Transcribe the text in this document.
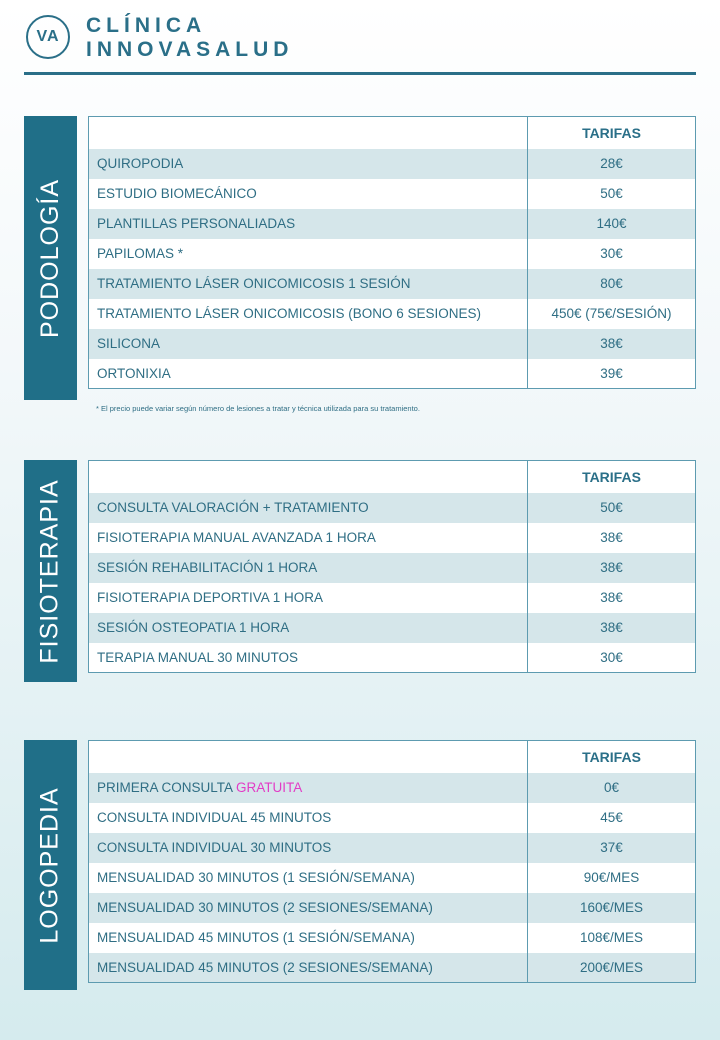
VA CLÍNICA
INNOVASALUD
PODOLOGÍA
	TARIFAS
QUIROPODIA	28€
ESTUDIO BIOMECÁNICO	50€
PLANTILLAS PERSONALIADAS	140€
PAPILOMAS *	30€
TRATAMIENTO LÁSER ONICOMICOSIS 1 SESIÓN	80€
TRATAMIENTO LÁSER ONICOMICOSIS (BONO 6 SESIONES)	450€ (75€/SESIÓN)
SILICONA	38€
ORTONIXIA	39€
* El precio puede variar según número de lesiones a tratar y técnica utilizada para su tratamiento.
FISIOTERAPIA
	TARIFAS
CONSULTA VALORACIÓN + TRATAMIENTO	50€
FISIOTERAPIA MANUAL AVANZADA 1 HORA	38€
SESIÓN REHABILITACIÓN 1 HORA	38€
FISIOTERAPIA DEPORTIVA 1 HORA	38€
SESIÓN OSTEOPATIA 1 HORA	38€
TERAPIA MANUAL 30 MINUTOS	30€
LOGOPEDIA
	TARIFAS
PRIMERA CONSULTA GRATUITA	0€
CONSULTA INDIVIDUAL 45 MINUTOS	45€
CONSULTA INDIVIDUAL 30 MINUTOS	37€
MENSUALIDAD 30 MINUTOS (1 SESIÓN/SEMANA)	90€/MES
MENSUALIDAD 30 MINUTOS (2 SESIONES/SEMANA)	160€/MES
MENSUALIDAD 45 MINUTOS (1 SESIÓN/SEMANA)	108€/MES
MENSUALIDAD 45 MINUTOS (2 SESIONES/SEMANA)	200€/MES
